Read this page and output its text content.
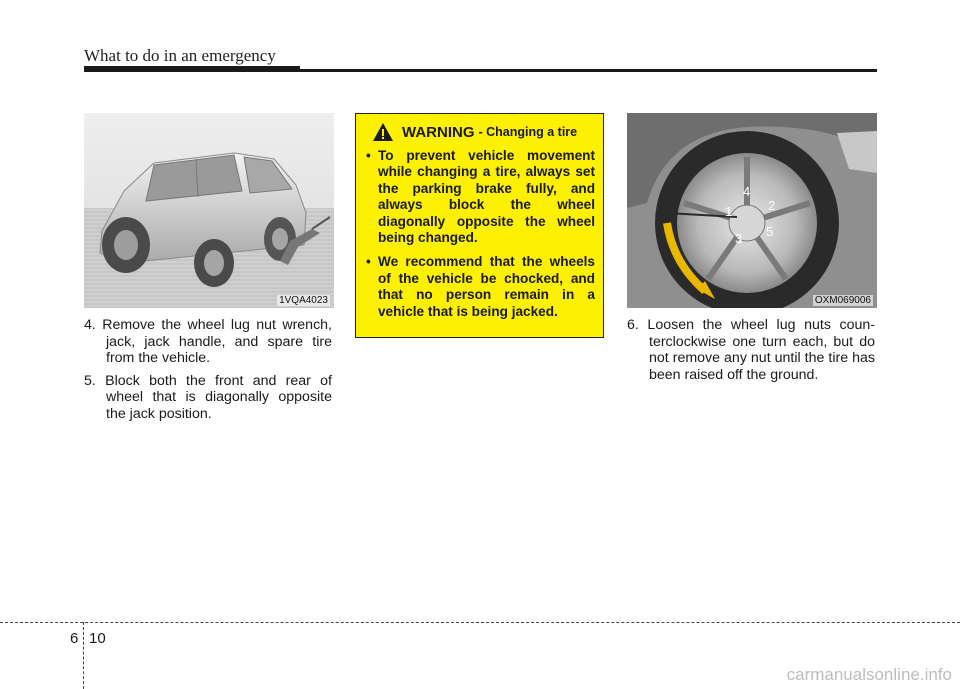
What to do in an emergency
1VQA4023

4. Remove the wheel lug nut wrench, jack, jack handle, and spare tire from the vehicle.

5. Block both the front and rear of wheel that is diagonally opposite the jack position.

WARNING - Changing a tire
• To prevent vehicle movement while changing a tire, always set the parking brake fully, and always block the wheel diagonally opposite the wheel being changed.
• We recommend that the wheels of the vehicle be chocked, and that no person remain in a vehicle that is being jacked.
4
1	2
3 5
OXM069006

6. Loosen the wheel lug nuts coun-terclockwise one turn each, but do not remove any nut until the tire has been raised off the ground.

6 10
carmanualsonline.info
